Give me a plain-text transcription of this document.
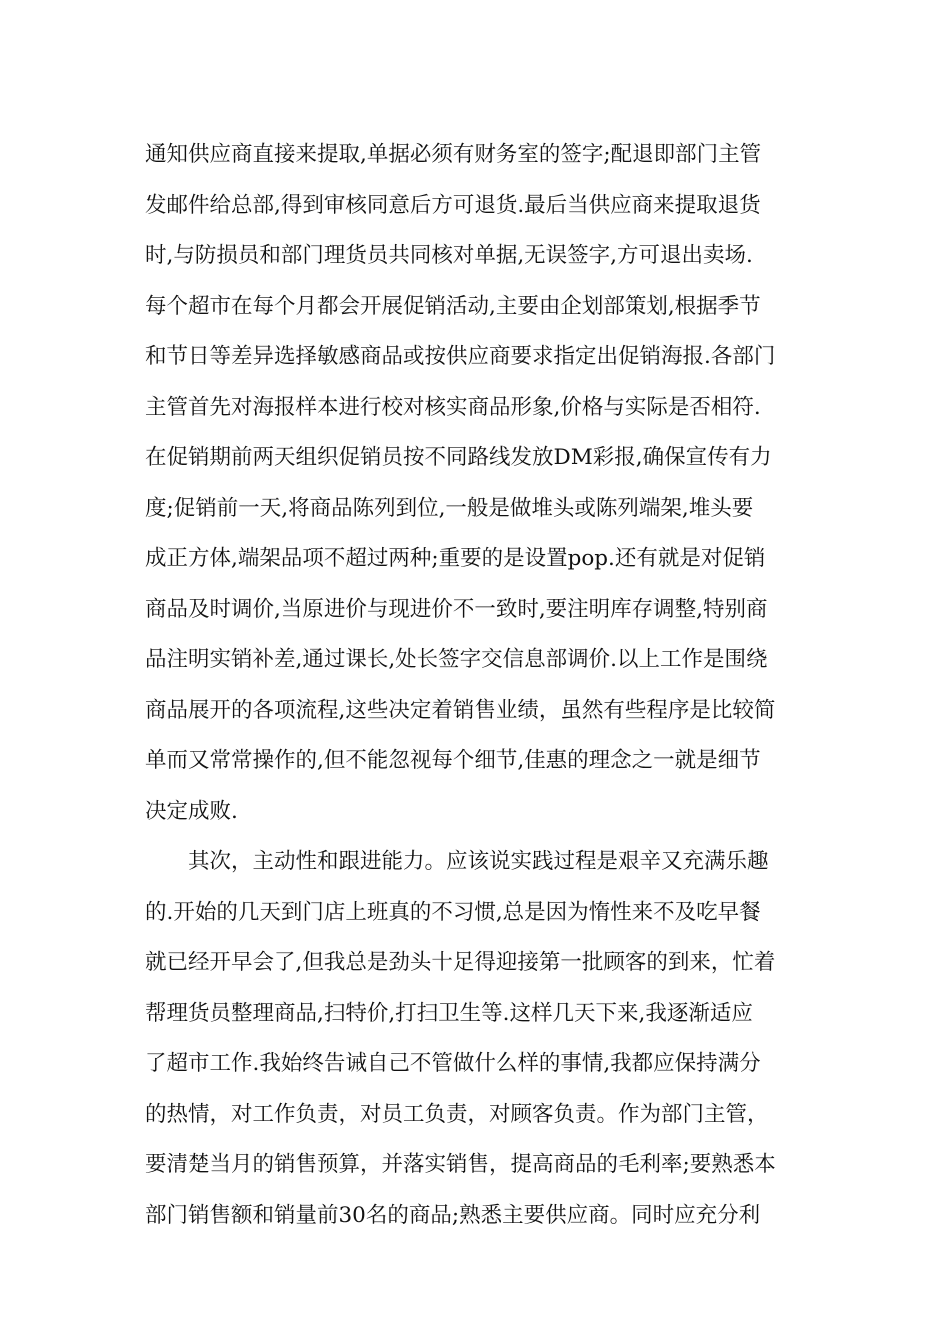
通知供应商直接来提取,单据必须有财务室的签字;配退即部门主管
发邮件给总部,得到审核同意后方可退货.最后当供应商来提取退货
时,与防损员和部门理货员共同核对单据,无误签字,方可退出卖场.
每个超市在每个月都会开展促销活动,主要由企划部策划,根据季节
和节日等差异选择敏感商品或按供应商要求指定出促销海报.各部门
主管首先对海报样本进行校对核实商品形象,价格与实际是否相符.
在促销期前两天组织促销员按不同路线发放DM彩报,确保宣传有力
度;促销前一天,将商品陈列到位,一般是做堆头或陈列端架,堆头要
成正方体,端架品项不超过两种;重要的是设置pop.还有就是对促销
商品及时调价,当原进价与现进价不一致时,要注明库存调整,特别商
品注明实销补差,通过课长,处长签字交信息部调价.以上工作是围绕
商品展开的各项流程,这些决定着销售业绩，虽然有些程序是比较简
单而又常常操作的,但不能忽视每个细节,佳惠的理念之一就是细节
决定成败.
　　其次，主动性和跟进能力。应该说实践过程是艰辛又充满乐趣
的.开始的几天到门店上班真的不习惯,总是因为惰性来不及吃早餐
就已经开早会了,但我总是劲头十足得迎接第一批顾客的到来，忙着
帮理货员整理商品,扫特价,打扫卫生等.这样几天下来,我逐渐适应
了超市工作.我始终告诫自己不管做什么样的事情,我都应保持满分
的热情，对工作负责，对员工负责，对顾客负责。作为部门主管，
要清楚当月的销售预算，并落实销售，提高商品的毛利率;要熟悉本
部门销售额和销量前30名的商品;熟悉主要供应商。同时应充分利
